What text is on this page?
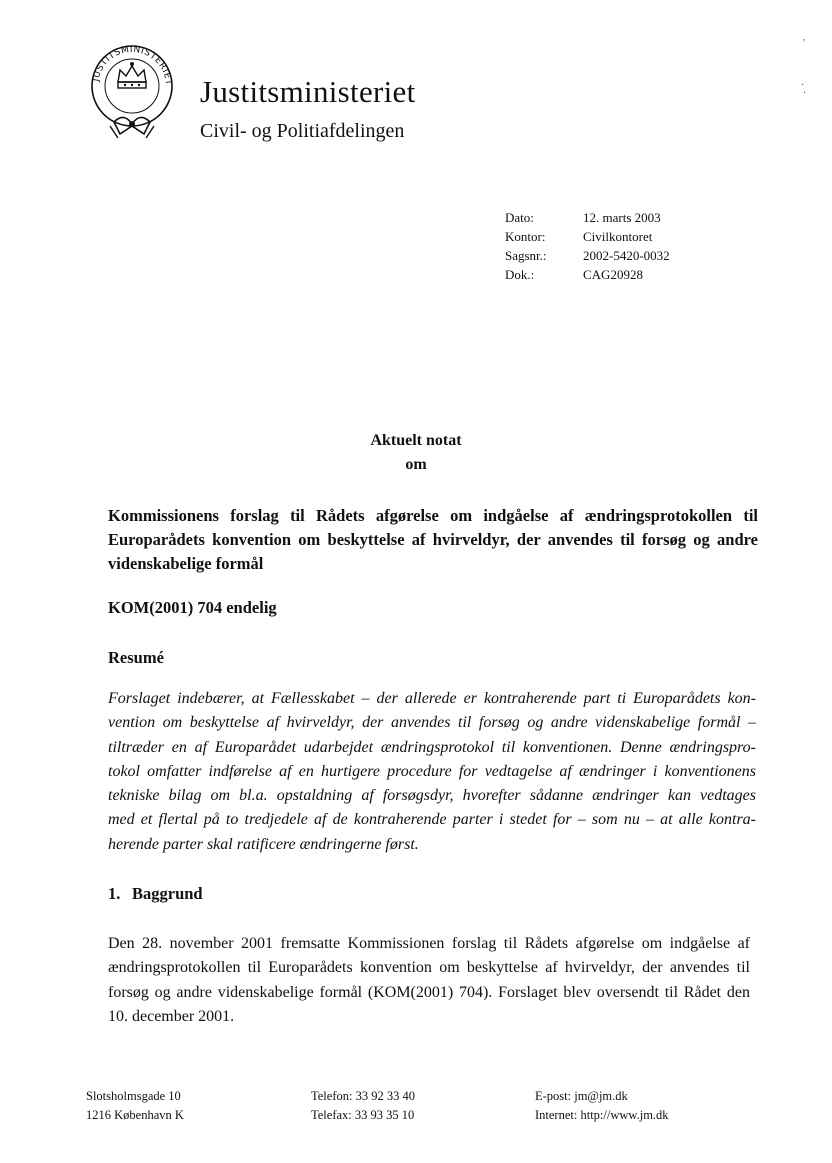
JUSTITSMINISTERIET Justitsministeriet
Civil- og Politiafdelingen
Dato:	12. marts 2003
Kontor:	Civilkontoret
Sagsnr.:	2002-5420-0032
Dok.:	CAG20928
Aktuelt notat
om
Kommissionens forslag til Rådets afgørelse om indgåelse af ændringsprotokollen til Europarådets konvention om beskyttelse af hvirveldyr, der anvendes til forsøg og andre videnskabelige formål
KOM(2001) 704 endelig
Resumé
Forslaget indebærer, at Fællesskabet – der allerede er kontraherende part ti Europarådets kon-
vention om beskyttelse af hvirveldyr, der anvendes til forsøg og andre videnskabelige formål –
tiltræder en af Europarådet udarbejdet ændringsprotokol til konventionen. Denne ændringspro-
tokol omfatter indførelse af en hurtigere procedure for vedtagelse af ændringer i konventionens
tekniske bilag om bl.a. opstaldning af forsøgsdyr, hvorefter sådanne ændringer kan vedtages
med et flertal på to tredjedele af de kontraherende parter i stedet for – som nu – at alle kontra-
herende parter skal ratificere ændringerne først.
1. Baggrund
Den 28. november 2001 fremsatte Kommissionen forslag til Rådets afgørelse om indgåelse af
ændringsprotokollen til Europarådets konvention om beskyttelse af hvirveldyr, der anvendes til
forsøg og andre videnskabelige formål (KOM(2001) 704). Forslaget blev oversendt til Rådet den
10. december 2001.
Slotsholmsgade 10
1216 København K
Telefon: 33 92 33 40
Telefax: 33 93 35 10
E-post: jm@jm.dk
Internet: http://www.jm.dk
′
·
·
